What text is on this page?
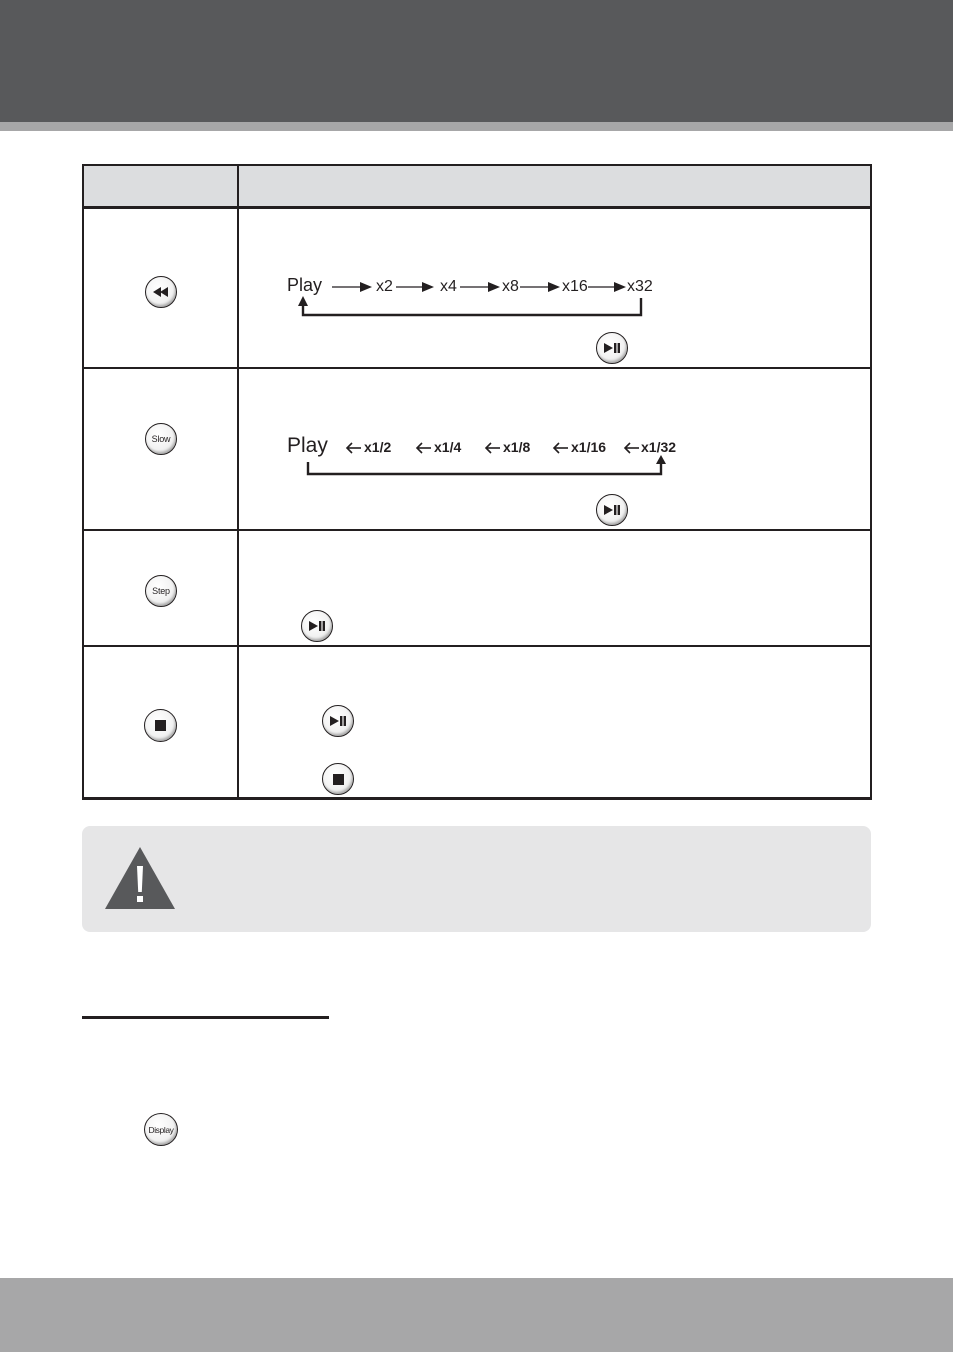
Play	x2	x4	x8	x16 x32
Slow	Play	x1/2	x1/4	x1/8	x1/16 x1/32
Step
Display
